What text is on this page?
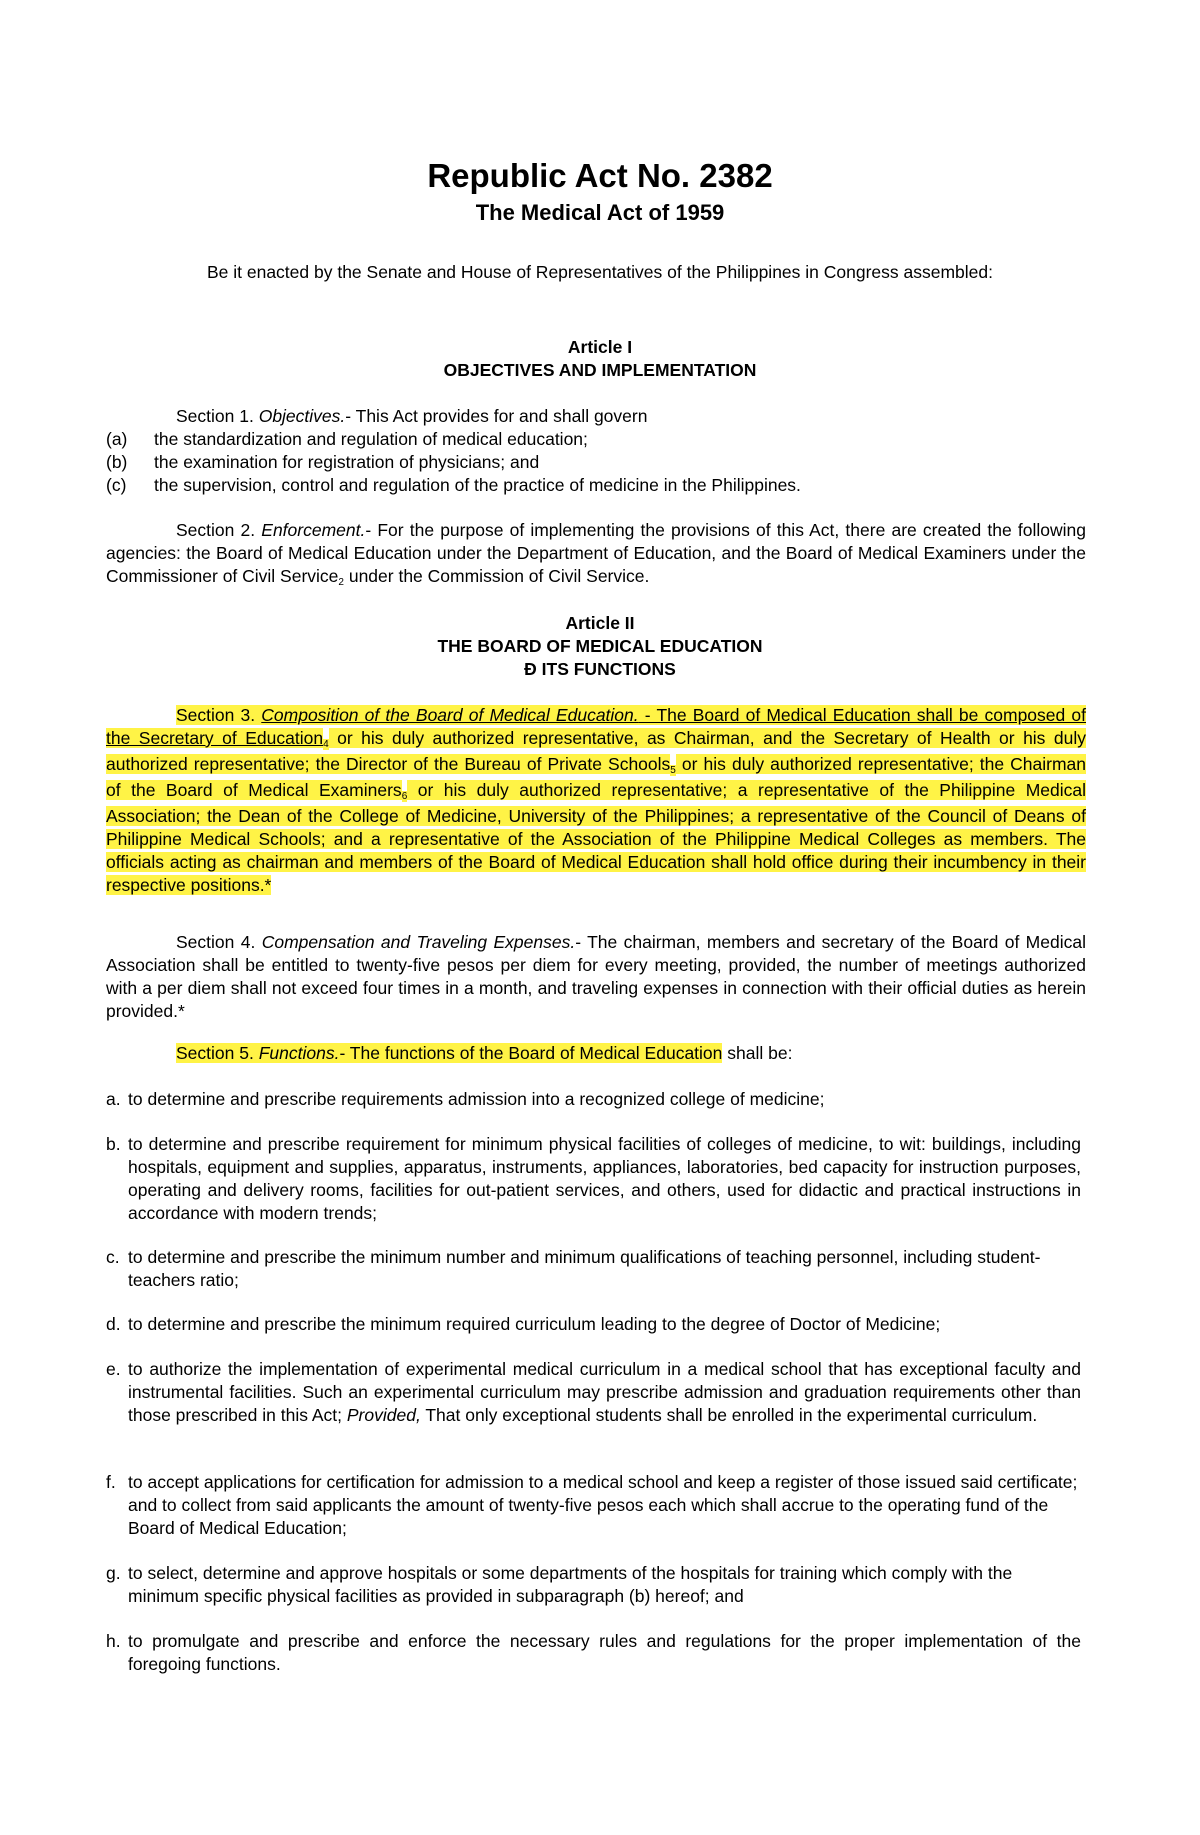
Republic Act No. 2382
The Medical Act of 1959
Be it enacted by the Senate and House of Representatives of the Philippines in Congress assembled:
Article I
OBJECTIVES AND IMPLEMENTATION
Section 1. Objectives.- This Act provides for and shall govern
(a)	the standardization and regulation of medical education;
(b)	the examination for registration of physicians; and
(c)	the supervision, control and regulation of the practice of medicine in the Philippines.
Section 2. Enforcement.- For the purpose of implementing the provisions of this Act, there are created the following agencies: the Board of Medical Education under the Department of Education, and the Board of Medical Examiners under the Commissioner of Civil Service2 under the Commission of Civil Service.
Article II
THE BOARD OF MEDICAL EDUCATION
Ð ITS FUNCTIONS
Section 3. Composition of the Board of Medical Education. - The Board of Medical Education shall be composed of the Secretary of Education4 or his duly authorized representative, as Chairman, and the Secretary of Health or his duly authorized representative; the Director of the Bureau of Private Schools5 or his duly authorized representative; the Chairman of the Board of Medical Examiners6 or his duly authorized representative; a representative of the Philippine Medical Association; the Dean of the College of Medicine, University of the Philippines; a representative of the Council of Deans of Philippine Medical Schools; and a representative of the Association of the Philippine Medical Colleges as members. The officials acting as chairman and members of the Board of Medical Education shall hold office during their incumbency in their respective positions.*
Section 4. Compensation and Traveling Expenses.- The chairman, members and secretary of the Board of Medical Association shall be entitled to twenty-five pesos per diem for every meeting, provided, the number of meetings authorized with a per diem shall not exceed four times in a month, and traveling expenses in connection with their official duties as herein provided.*
Section 5. Functions.- The functions of the Board of Medical Education shall be:
a. to determine and prescribe requirements admission into a recognized college of medicine;
b. to determine and prescribe requirement for minimum physical facilities of colleges of medicine, to wit: buildings, including hospitals, equipment and supplies, apparatus, instruments, appliances, laboratories, bed capacity for instruction purposes, operating and delivery rooms, facilities for out-patient services, and others, used for didactic and practical instructions in accordance with modern trends;
c. to determine and prescribe the minimum number and minimum qualifications of teaching personnel, including student-teachers ratio;
d. to determine and prescribe the minimum required curriculum leading to the degree of Doctor of Medicine;
e. to authorize the implementation of experimental medical curriculum in a medical school that has exceptional faculty and instrumental facilities. Such an experimental curriculum may prescribe admission and graduation requirements other than those prescribed in this Act; Provided, That only exceptional students shall be enrolled in the experimental curriculum.
f. to accept applications for certification for admission to a medical school and keep a register of those issued said certificate; and to collect from said applicants the amount of twenty-five pesos each which shall accrue to the operating fund of the Board of Medical Education;
g. to select, determine and approve hospitals or some departments of the hospitals for training which comply with the minimum specific physical facilities as provided in subparagraph (b) hereof; and
h. to promulgate and prescribe and enforce the necessary rules and regulations for the proper implementation of the foregoing functions.
